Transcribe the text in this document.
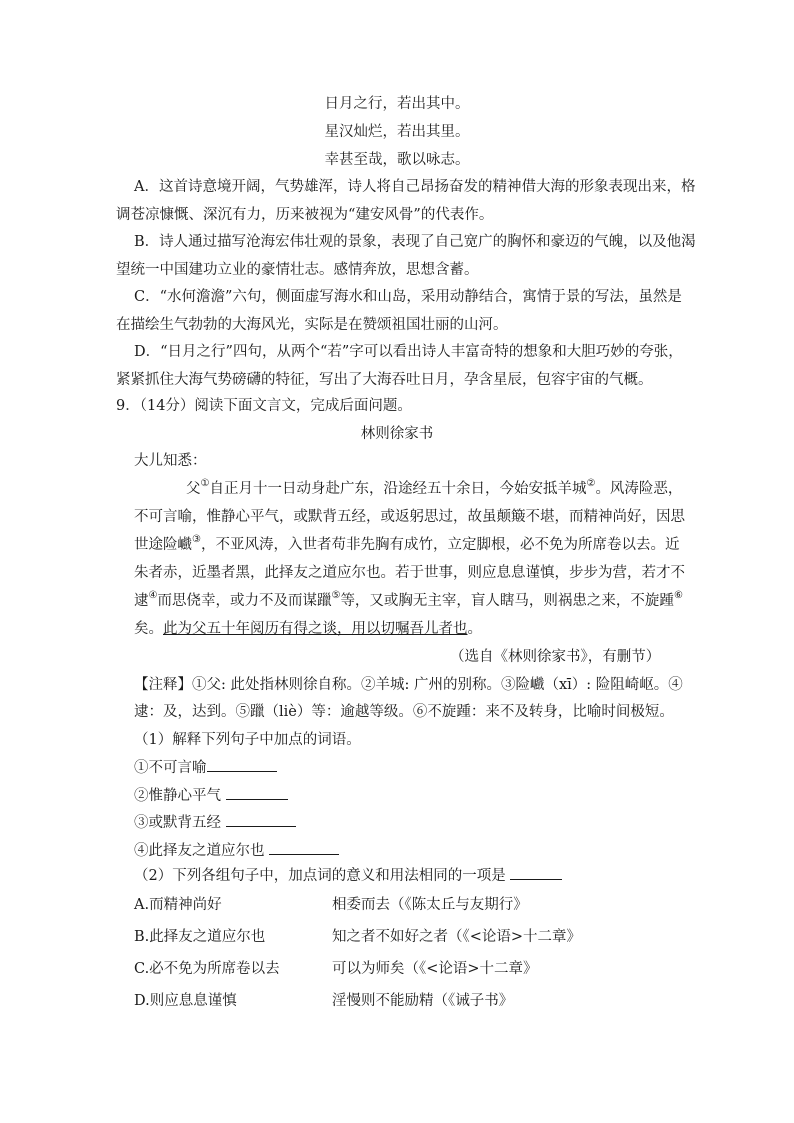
日月之行，若出其中。
星汉灿烂，若出其里。
幸甚至哉，歌以咏志。
A．这首诗意境开阔，气势雄浑，诗人将自己昂扬奋发的精神借大海的形象表现出来，格
调苍凉慷慨、深沉有力，历来被视为“建安风骨”的代表作。
B．诗人通过描写沧海宏伟壮观的景象，表现了自己宽广的胸怀和豪迈的气魄，以及他渴
望统一中国建功立业的豪情壮志。感情奔放，思想含蓄。
C．“水何澹澹”六句，侧面虚写海水和山岛，采用动静结合，寓情于景的写法，虽然是
在描绘生气勃勃的大海风光，实际是在赞颂祖国壮丽的山河。
D．“日月之行”四句，从两个“若”字可以看出诗人丰富奇特的想象和大胆巧妙的夸张，
紧紧抓住大海气势磅礴的特征，写出了大海吞吐日月，孕含星辰，包容宇宙的气概。
9．（14分）阅读下面文言文，完成后面问题。
林则徐家书
大儿知悉：
父①自正月十一日动身赴广东，沿途经五十余日，今始安抵羊城②。风涛险恶，
不可言喻，惟静心平气，或默背五经，或返躬思过，故虽颠簸不堪，而精神尚好，因思
世途险巇③，不亚风涛，入世者苟非先胸有成竹，立定脚根，必不免为所席卷以去。近
朱者赤，近墨者黑，此择友之道应尔也。若于世事，则应息息谨慎，步步为营，若才不
逮④而思侥幸，或力不及而谋躐⑤等，又或胸无主宰，盲人瞎马，则祸患之来，不旋踵⑥
矣。此为父五十年阅历有得之谈，用以切嘱吾儿者也。
（选自《林则徐家书》，有删节）
【注释】①父: 此处指林则徐自称。②羊城: 广州的别称。③险巇（xī）: 险阻崎岖。④
逮：及，达到。⑤躐（liè）等：逾越等级。⑥不旋踵：来不及转身，比喻时间极短。
（1）解释下列句子中加点的词语。
①不可言喻
②惟静心平气
③或默背五经
④此择友之道应尔也
（2）下列各组句子中，加点词的意义和用法相同的一项是
A.而精神尚好	相委而去（《陈太丘与友期行》
B.此择友之道应尔也	知之者不如好之者（《<论语>十二章》
C.必不免为所席卷以去	可以为师矣（《<论语>十二章》
D.则应息息谨慎	淫慢则不能励精（《诫子书》
